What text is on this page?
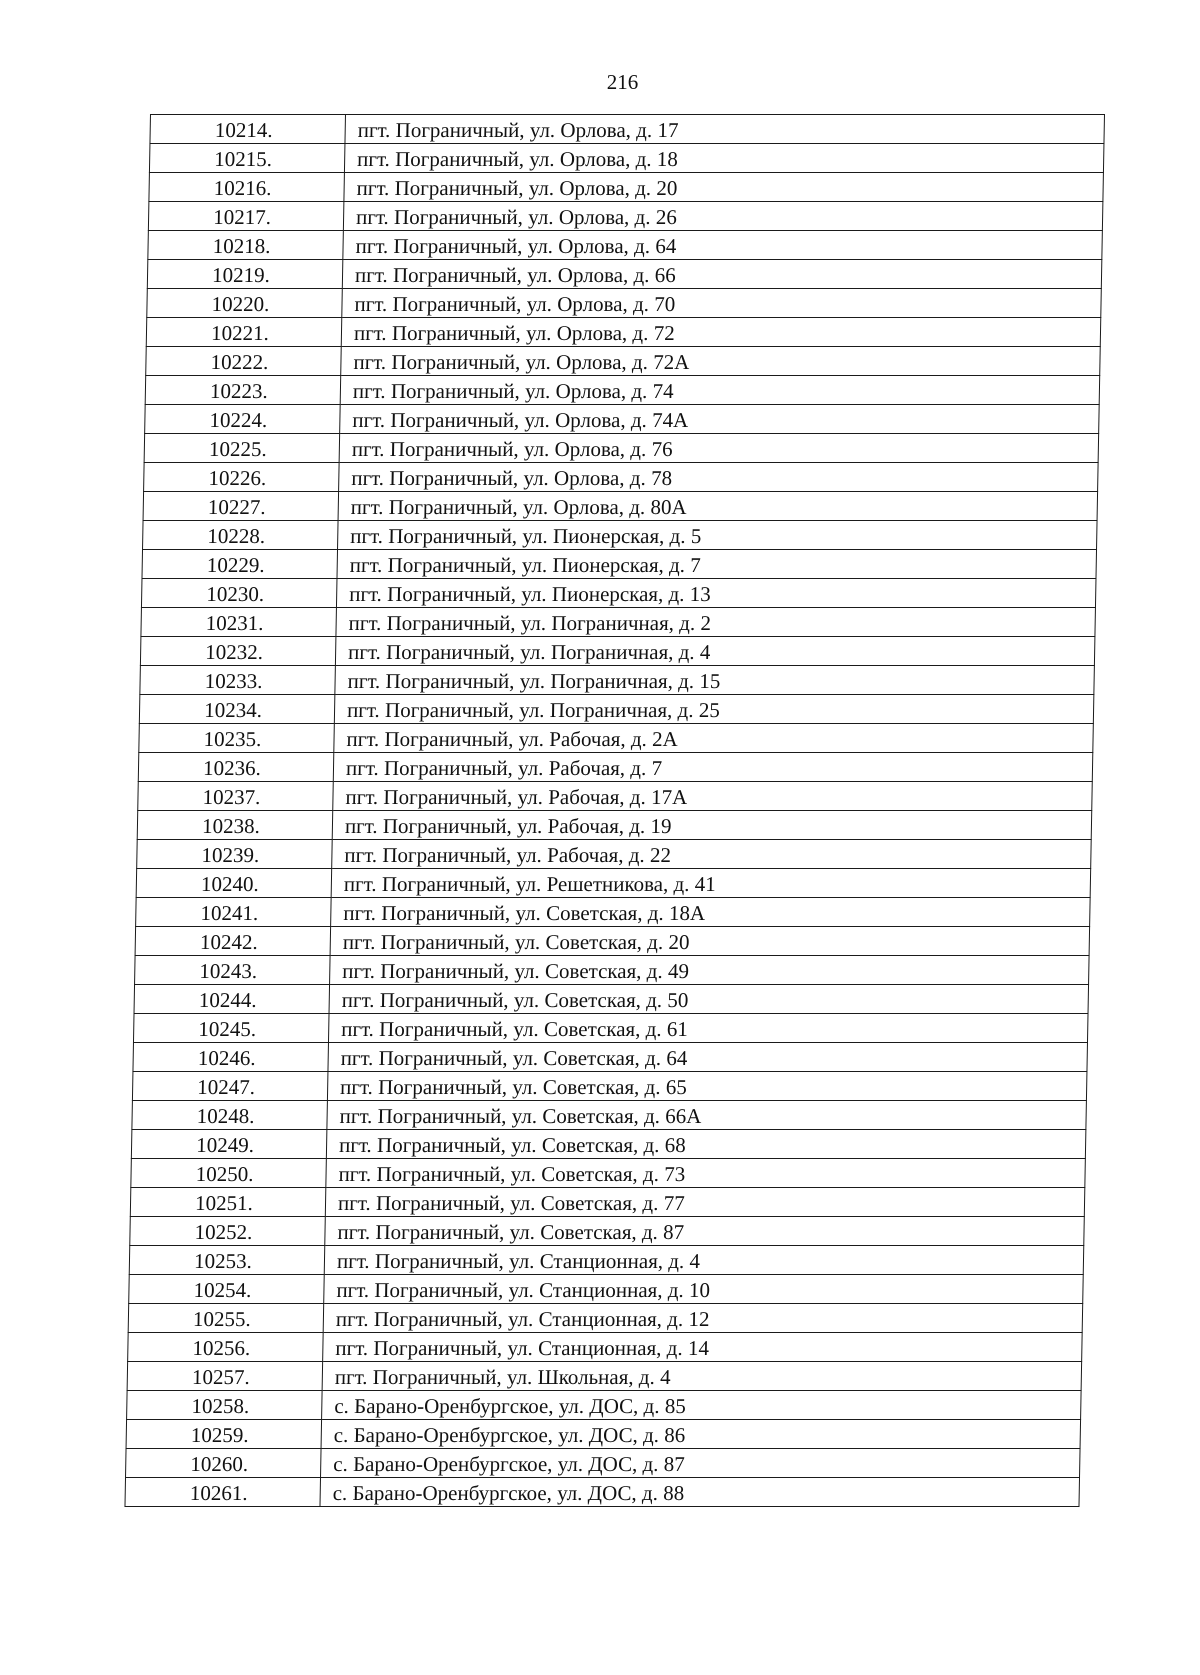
216
10214.	пгт. Пограничный, ул. Орлова, д. 17
10215.	пгт. Пограничный, ул. Орлова, д. 18
10216.	пгт. Пограничный, ул. Орлова, д. 20
10217.	пгт. Пограничный, ул. Орлова, д. 26
10218.	пгт. Пограничный, ул. Орлова, д. 64
10219.	пгт. Пограничный, ул. Орлова, д. 66
10220.	пгт. Пограничный, ул. Орлова, д. 70
10221.	пгт. Пограничный, ул. Орлова, д. 72
10222.	пгт. Пограничный, ул. Орлова, д. 72А
10223.	пгт. Пограничный, ул. Орлова, д. 74
10224.	пгт. Пограничный, ул. Орлова, д. 74А
10225.	пгт. Пограничный, ул. Орлова, д. 76
10226.	пгт. Пограничный, ул. Орлова, д. 78
10227.	пгт. Пограничный, ул. Орлова, д. 80А
10228.	пгт. Пограничный, ул. Пионерская, д. 5
10229.	пгт. Пограничный, ул. Пионерская, д. 7
10230.	пгт. Пограничный, ул. Пионерская, д. 13
10231.	пгт. Пограничный, ул. Пограничная, д. 2
10232.	пгт. Пограничный, ул. Пограничная, д. 4
10233.	пгт. Пограничный, ул. Пограничная, д. 15
10234.	пгт. Пограничный, ул. Пограничная, д. 25
10235.	пгт. Пограничный, ул. Рабочая, д. 2А
10236.	пгт. Пограничный, ул. Рабочая, д. 7
10237.	пгт. Пограничный, ул. Рабочая, д. 17А
10238.	пгт. Пограничный, ул. Рабочая, д. 19
10239.	пгт. Пограничный, ул. Рабочая, д. 22
10240.	пгт. Пограничный, ул. Решетникова, д. 41
10241.	пгт. Пограничный, ул. Советская, д. 18А
10242.	пгт. Пограничный, ул. Советская, д. 20
10243.	пгт. Пограничный, ул. Советская, д. 49
10244.	пгт. Пограничный, ул. Советская, д. 50
10245.	пгт. Пограничный, ул. Советская, д. 61
10246.	пгт. Пограничный, ул. Советская, д. 64
10247.	пгт. Пограничный, ул. Советская, д. 65
10248.	пгт. Пограничный, ул. Советская, д. 66А
10249.	пгт. Пограничный, ул. Советская, д. 68
10250.	пгт. Пограничный, ул. Советская, д. 73
10251.	пгт. Пограничный, ул. Советская, д. 77
10252.	пгт. Пограничный, ул. Советская, д. 87
10253.	пгт. Пограничный, ул. Станционная, д. 4
10254.	пгт. Пограничный, ул. Станционная, д. 10
10255.	пгт. Пограничный, ул. Станционная, д. 12
10256.	пгт. Пограничный, ул. Станционная, д. 14
10257.	пгт. Пограничный, ул. Школьная, д. 4
10258.	с. Барано-Оренбургское, ул. ДОС, д. 85
10259.	с. Барано-Оренбургское, ул. ДОС, д. 86
10260.	с. Барано-Оренбургское, ул. ДОС, д. 87
10261.	с. Барано-Оренбургское, ул. ДОС, д. 88
